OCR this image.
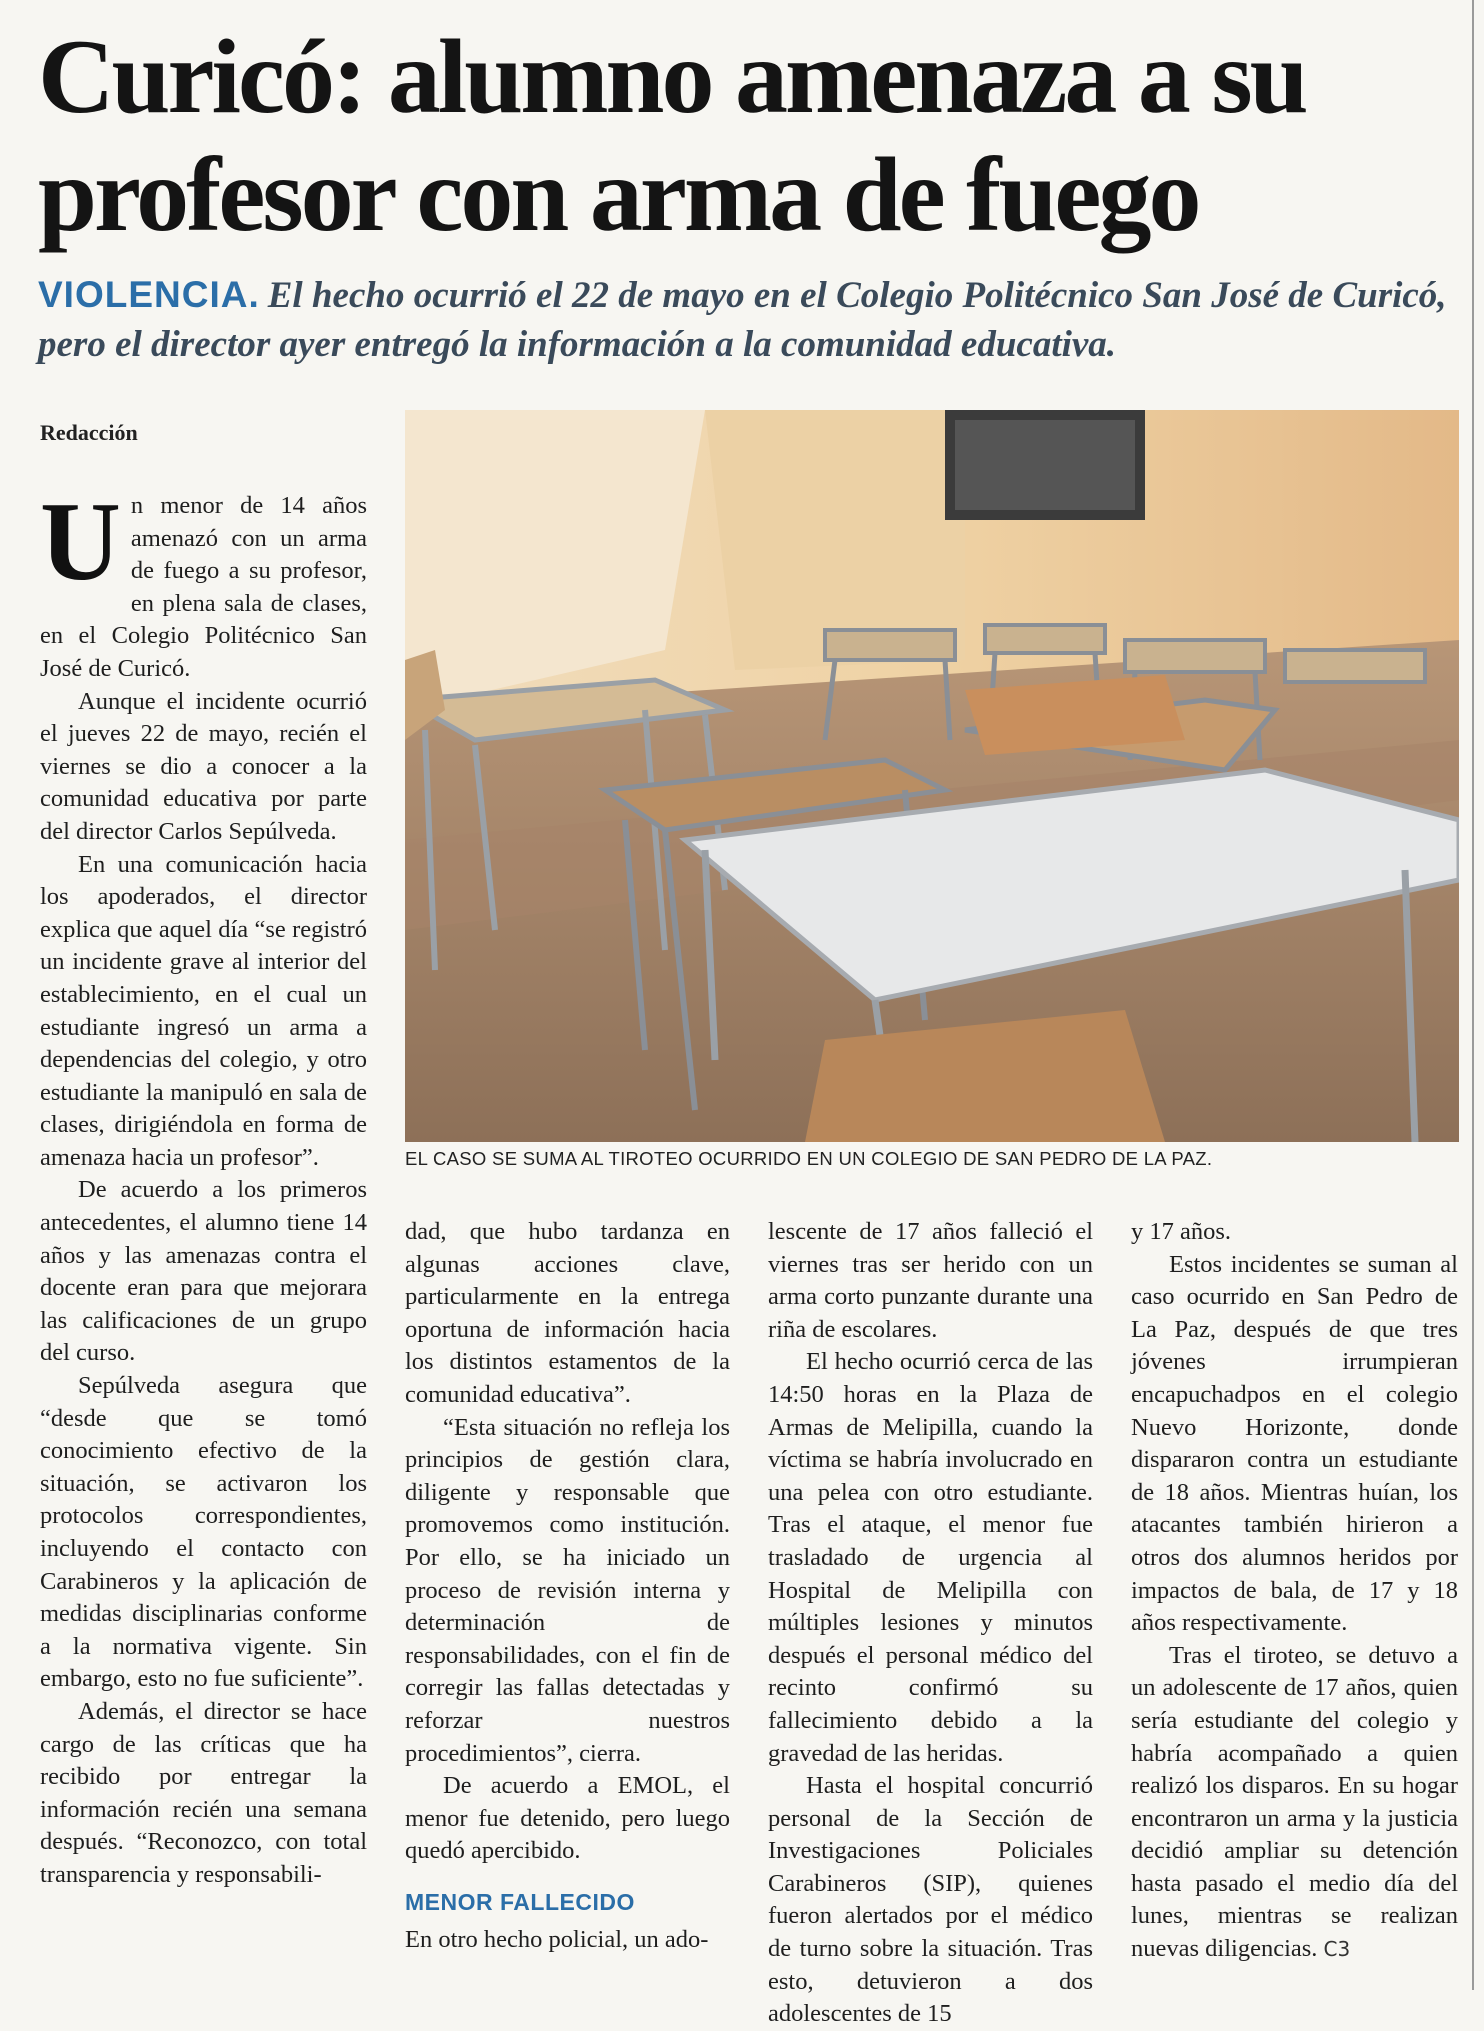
Curicó: alumno amenaza a su profesor con arma de fuego
VIOLENCIA. El hecho ocurrió el 22 de mayo en el Colegio Politécnico San José de Curicó, pero el director ayer entregó la información a la comunidad educativa.
Redacción

Un menor de 14 años amenazó con un arma de fuego a su profesor, en plena sala de clases, en el Colegio Politécnico San José de Curicó.

Aunque el incidente ocurrió el jueves 22 de mayo, recién el viernes se dio a conocer a la comunidad educativa por parte del director Carlos Sepúlveda.

En una comunicación hacia los apoderados, el director explica que aquel día “se registró un incidente grave al interior del establecimiento, en el cual un estudiante ingresó un arma a dependencias del colegio, y otro estudiante la manipuló en sala de clases, dirigiéndola en forma de amenaza hacia un profesor”.

De acuerdo a los primeros antecedentes, el alumno tiene 14 años y las amenazas contra el docente eran para que mejorara las calificaciones de un grupo del curso.

Sepúlveda asegura que “desde que se tomó conocimiento efectivo de la situación, se activaron los protocolos correspondientes, incluyendo el contacto con Carabineros y la aplicación de medidas disciplinarias conforme a la normativa vigente. Sin embargo, esto no fue suficiente”.

Además, el director se hace cargo de las críticas que ha recibido por entregar la información recién una semana después. “Reconozco, con total transparencia y responsabili-

EL CASO SE SUMA AL TIROTEO OCURRIDO EN UN COLEGIO DE SAN PEDRO DE LA PAZ.

dad, que hubo tardanza en algunas acciones clave, particularmente en la entrega oportuna de información hacia los distintos estamentos de la comunidad educativa”.

“Esta situación no refleja los principios de gestión clara, diligente y responsable que promovemos como institución. Por ello, se ha iniciado un proceso de revisión interna y determinación de responsabilidades, con el fin de corregir las fallas detectadas y reforzar nuestros procedimientos”, cierra.

De acuerdo a EMOL, el menor fue detenido, pero luego quedó apercibido.

MENOR FALLECIDO

En otro hecho policial, un ado-

lescente de 17 años falleció el viernes tras ser herido con un arma corto punzante durante una riña de escolares.

El hecho ocurrió cerca de las 14:50 horas en la Plaza de Armas de Melipilla, cuando la víctima se habría involucrado en una pelea con otro estudiante. Tras el ataque, el menor fue trasladado de urgencia al Hospital de Melipilla con múltiples lesiones y minutos después el personal médico del recinto confirmó su fallecimiento debido a la gravedad de las heridas.

Hasta el hospital concurrió personal de la Sección de Investigaciones Policiales Carabineros (SIP), quienes fueron alertados por el médico de turno sobre la situación. Tras esto, detuvieron a dos adolescentes de 15

y 17 años.

Estos incidentes se suman al caso ocurrido en San Pedro de La Paz, después de que tres jóvenes irrumpieran encapuchadpos en el colegio Nuevo Horizonte, donde dispararon contra un estudiante de 18 años. Mientras huían, los atacantes también hirieron a otros dos alumnos heridos por impactos de bala, de 17 y 18 años respectivamente.

Tras el tiroteo, se detuvo a un adolescente de 17 años, quien sería estudiante del colegio y habría acompañado a quien realizó los disparos. En su hogar encontraron un arma y la justicia decidió ampliar su detención hasta pasado el medio día del lunes, mientras se realizan nuevas diligencias. C3
